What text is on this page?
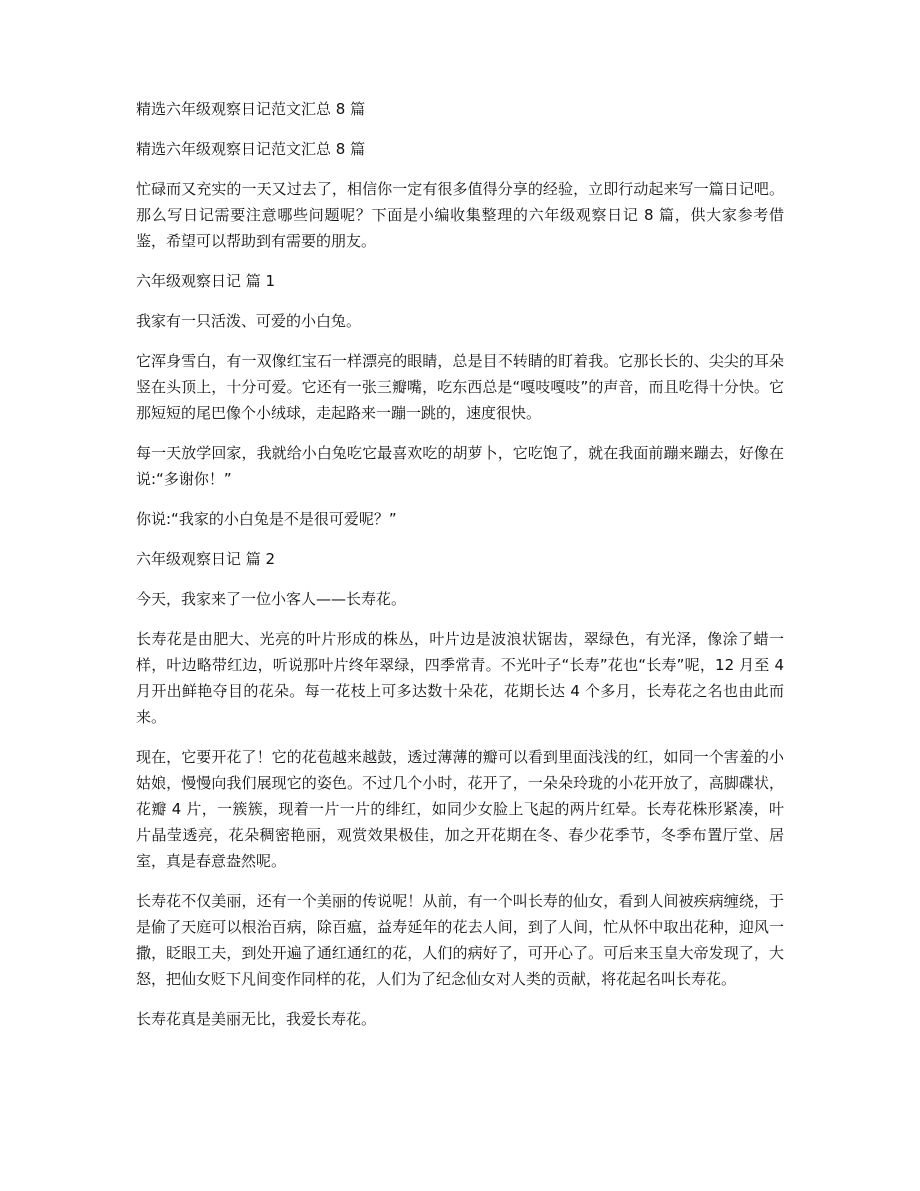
精选六年级观察日记范文汇总 8 篇

精选六年级观察日记范文汇总 8 篇

忙碌而又充实的一天又过去了，相信你一定有很多值得分享的经验，立即行动起来写一篇日记吧。那么写日记需要注意哪些问题呢？下面是小编收集整理的六年级观察日记 8 篇，供大家参考借鉴，希望可以帮助到有需要的朋友。

六年级观察日记 篇 1

我家有一只活泼、可爱的小白兔。

它浑身雪白，有一双像红宝石一样漂亮的眼睛，总是目不转睛的盯着我。它那长长的、尖尖的耳朵竖在头顶上，十分可爱。它还有一张三瓣嘴，吃东西总是“嘎吱嘎吱”的声音，而且吃得十分快。它那短短的尾巴像个小绒球，走起路来一蹦一跳的，速度很快。

每一天放学回家，我就给小白兔吃它最喜欢吃的胡萝卜，它吃饱了，就在我面前蹦来蹦去，好像在说:“多谢你！”

你说:“我家的小白兔是不是很可爱呢？”

六年级观察日记 篇 2

今天，我家来了一位小客人——长寿花。

长寿花是由肥大、光亮的叶片形成的株丛，叶片边是波浪状锯齿，翠绿色，有光泽，像涂了蜡一样，叶边略带红边，听说那叶片终年翠绿，四季常青。不光叶子“长寿”花也“长寿”呢，12 月至 4 月开出鲜艳夺目的花朵。每一花枝上可多达数十朵花，花期长达 4 个多月，长寿花之名也由此而来。

现在，它要开花了！它的花苞越来越鼓，透过薄薄的瓣可以看到里面浅浅的红，如同一个害羞的小姑娘，慢慢向我们展现它的姿色。不过几个小时，花开了，一朵朵玲珑的小花开放了，高脚碟状，花瓣 4 片，一簇簇，现着一片一片的绯红，如同少女脸上飞起的两片红晕。长寿花株形紧凑，叶片晶莹透亮，花朵稠密艳丽，观赏效果极佳，加之开花期在冬、春少花季节，冬季布置厅堂、居室，真是春意盎然呢。

长寿花不仅美丽，还有一个美丽的传说呢！从前，有一个叫长寿的仙女，看到人间被疾病缠绕，于是偷了天庭可以根治百病，除百瘟，益寿延年的花去人间，到了人间，忙从怀中取出花种，迎风一撒，眨眼工夫，到处开遍了通红通红的花，人们的病好了，可开心了。可后来玉皇大帝发现了，大怒，把仙女贬下凡间变作同样的花，人们为了纪念仙女对人类的贡献，将花起名叫长寿花。

长寿花真是美丽无比，我爱长寿花。
